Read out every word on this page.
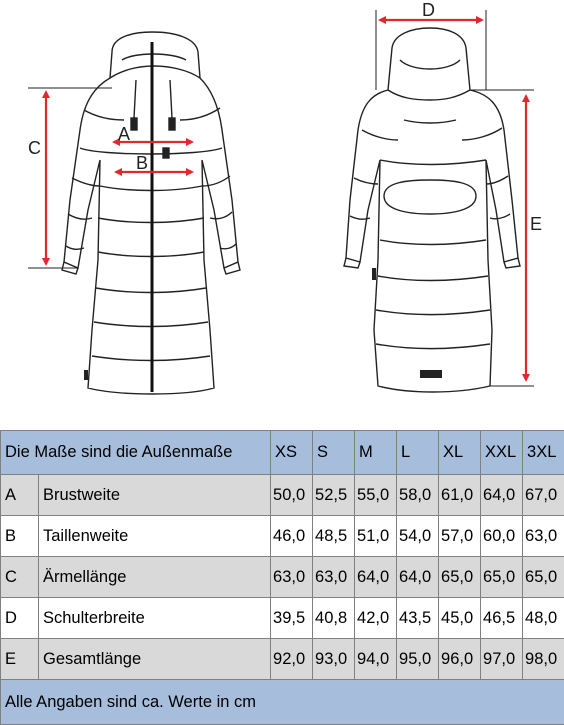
A
B
C
D
E
Die Maße sind die Außenmaße		XS	S	M	L	XL	XXL	3XL
A	Brustweite	50,0	52,5	55,0	58,0	61,0	64,0	67,0
B	Taillenweite	46,0	48,5	51,0	54,0	57,0	60,0	63,0
C	Ärmellänge	63,0	63,0	64,0	64,0	65,0	65,0	65,0
D	Schulterbreite	39,5	40,8	42,0	43,5	45,0	46,5	48,0
E	Gesamtlänge	92,0	93,0	94,0	95,0	96,0	97,0	98,0
Alle Angaben sind ca. Werte in cm								
